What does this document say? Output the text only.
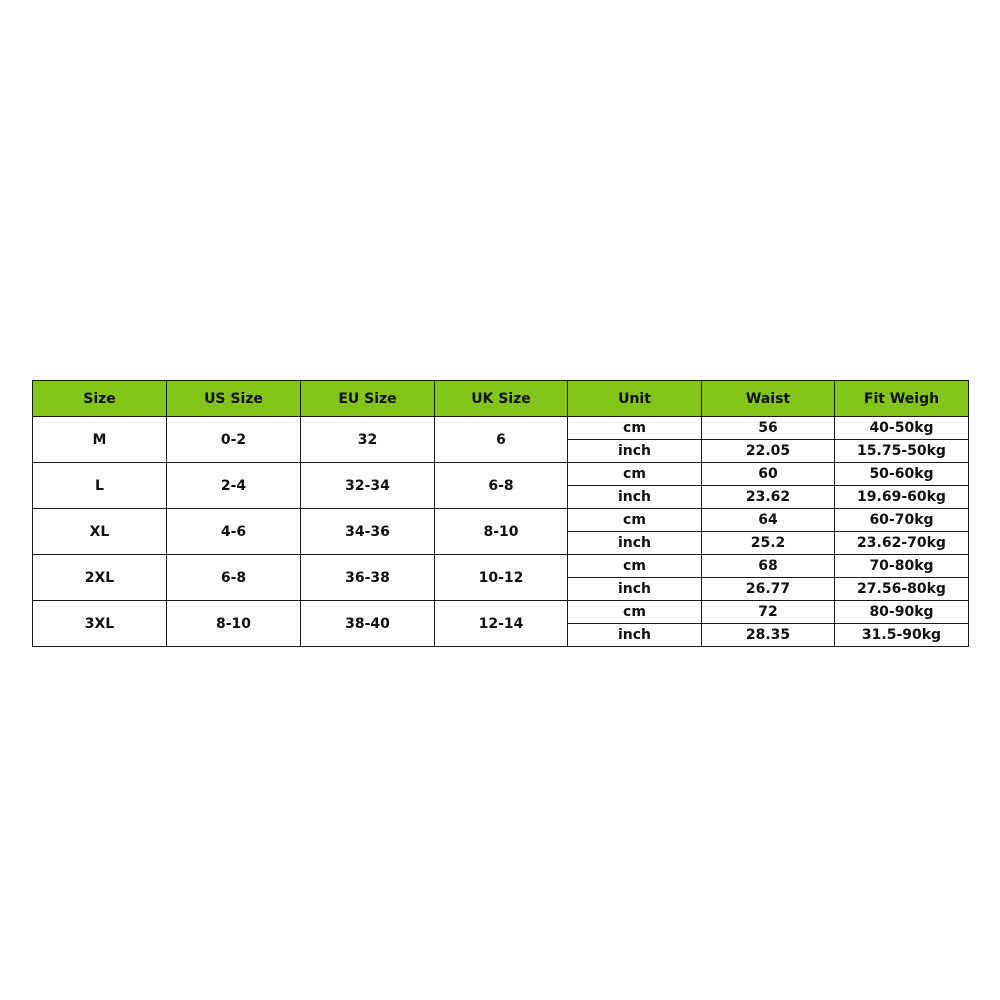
Size	US Size	EU Size	UK Size	Unit	Waist	Fit Weigh
M	0-2	32	6	cm	56	40-50kg
				inch	22.05	15.75-50kg
L	2-4	32-34	6-8	cm	60	50-60kg
				inch	23.62	19.69-60kg
XL	4-6	34-36	8-10	cm	64	60-70kg
				inch	25.2	23.62-70kg
2XL	6-8	36-38	10-12	cm	68	70-80kg
				inch	26.77	27.56-80kg
3XL	8-10	38-40	12-14	cm	72	80-90kg
				inch	28.35	31.5-90kg
